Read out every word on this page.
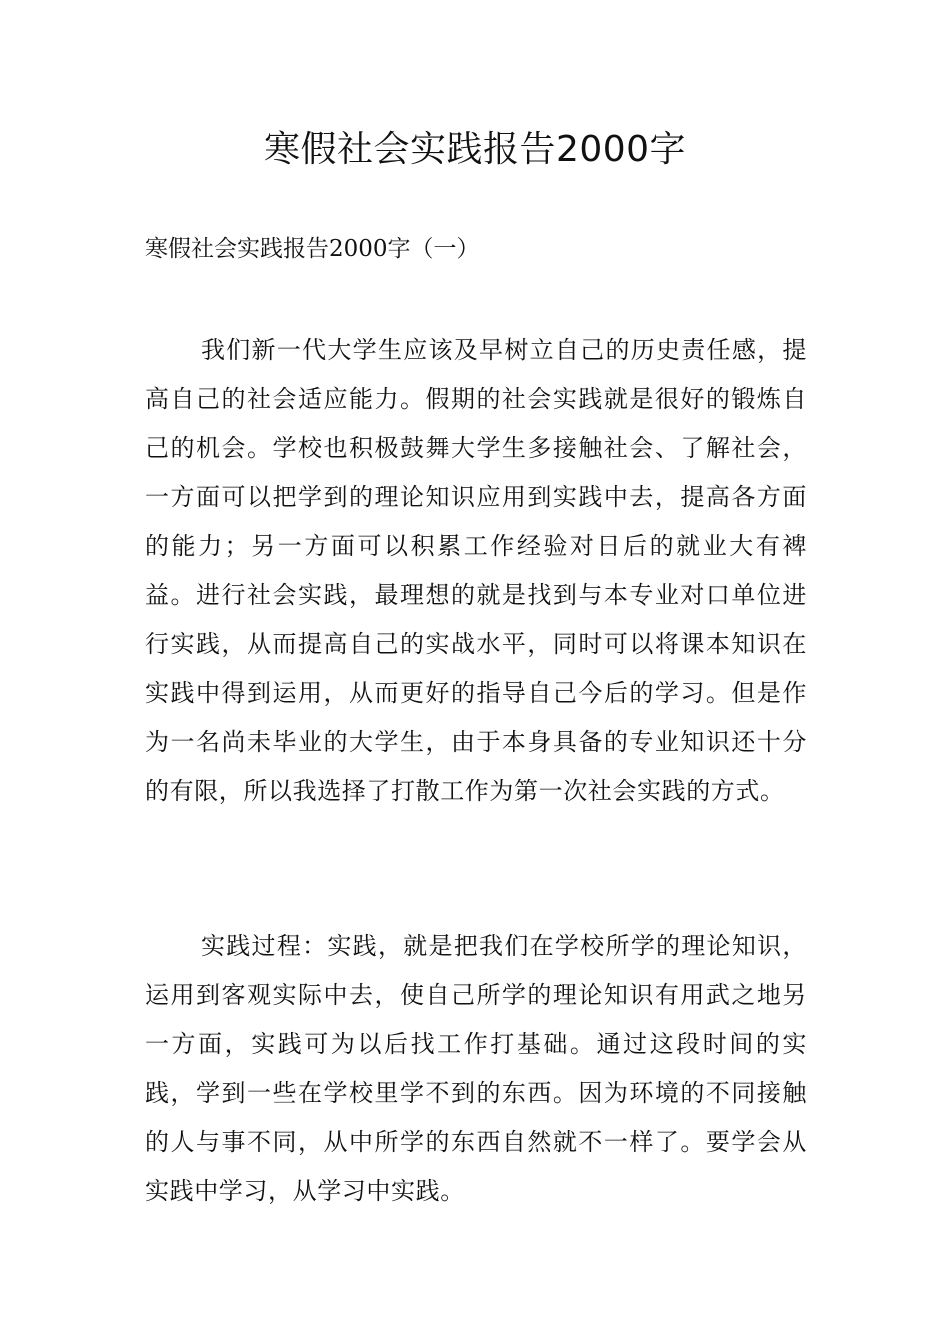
寒假社会实践报告2000字

寒假社会实践报告2000字（一）

我们新一代大学生应该及早树立自己的历史责任感，提高自己的社会适应能力。假期的社会实践就是很好的锻炼自己的机会。学校也积极鼓舞大学生多接触社会、了解社会，一方面可以把学到的理论知识应用到实践中去，提高各方面的能力；另一方面可以积累工作经验对日后的就业大有裨益。进行社会实践，最理想的就是找到与本专业对口单位进行实践，从而提高自己的实战水平，同时可以将课本知识在实践中得到运用，从而更好的指导自己今后的学习。但是作为一名尚未毕业的大学生，由于本身具备的专业知识还十分的有限，所以我选择了打散工作为第一次社会实践的方式。

实践过程：实践，就是把我们在学校所学的理论知识，运用到客观实际中去，使自己所学的理论知识有用武之地另一方面，实践可为以后找工作打基础。通过这段时间的实践，学到一些在学校里学不到的东西。因为环境的不同接触的人与事不同，从中所学的东西自然就不一样了。要学会从实践中学习，从学习中实践。
